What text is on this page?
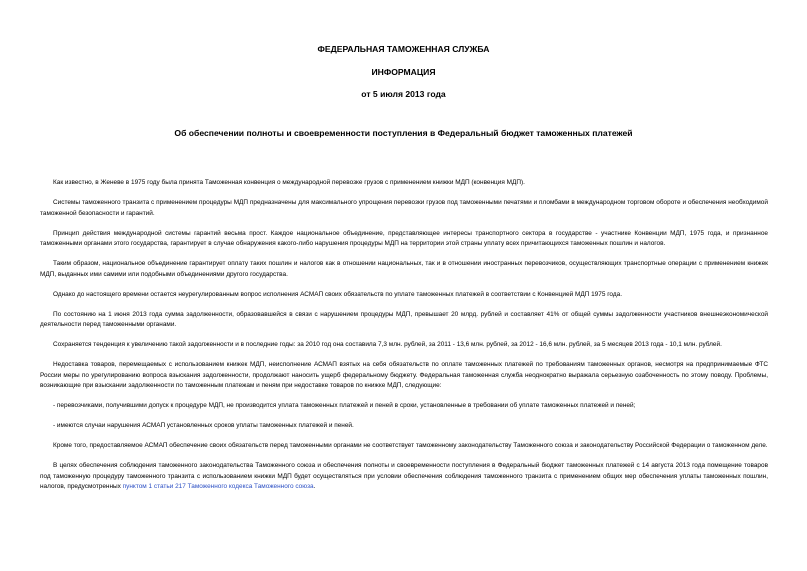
ФЕДЕРАЛЬНАЯ ТАМОЖЕННАЯ СЛУЖБА
ИНФОРМАЦИЯ
от 5 июля 2013 года
Об обеспечении полноты и своевременности поступления в Федеральный бюджет таможенных платежей

Как известно, в Женеве в 1975 году была принята Таможенная конвенция о международной перевозке грузов с применением книжки МДП (конвенция МДП).

Системы таможенного транзита с применением процедуры МДП предназначены для максимального упрощения перевозки грузов под таможенными печатями и пломбами в международном торговом обороте и обеспечения необходимой таможенной безопасности и гарантий.

Принцип действия международной системы гарантий весьма прост. Каждое национальное объединение, представляющее интересы транспортного сектора в государстве - участнике Конвенции МДП, 1975 года, и признанное таможенными органами этого государства, гарантирует в случае обнаружения какого-либо нарушения процедуры МДП на территории этой страны уплату всех причитающихся таможенных пошлин и налогов.

Таким образом, национальное объединение гарантирует оплату таких пошлин и налогов как в отношении национальных, так и в отношении иностранных перевозчиков, осуществляющих транспортные операции с применением книжек МДП, выданных ими самими или подобными объединениями другого государства.

Однако до настоящего времени остается неурегулированным вопрос исполнения АСМАП своих обязательств по уплате таможенных платежей в соответствии с Конвенцией МДП 1975 года.

По состоянию на 1 июня 2013 года сумма задолженности, образовавшейся в связи с нарушением процедуры МДП, превышает 20 млрд. рублей и составляет 41% от общей суммы задолженности участников внешнеэкономической деятельности перед таможенными органами.

Сохраняется тенденция к увеличению такой задолженности и в последние годы: за 2010 год она составила 7,3 млн. рублей, за 2011 - 13,6 млн. рублей, за 2012 - 16,6 млн. рублей, за 5 месяцев 2013 года - 10,1 млн. рублей.

Недоставка товаров, перемещаемых с использованием книжек МДП, неисполнение АСМАП взятых на себя обязательств по оплате таможенных платежей по требованиям таможенных органов, несмотря на предпринимаемые ФТС России меры по урегулированию вопроса взыскания задолженности, продолжают наносить ущерб федеральному бюджету. Федеральная таможенная служба неоднократно выражала серьезную озабоченность по этому поводу. Проблемы, возникающие при взыскании задолженности по таможенным платежам и пеням при недоставке товаров по книжке МДП, следующие:

- перевозчиками, получившими допуск к процедуре МДП, не производится уплата таможенных платежей и пеней в сроки, установленные в требовании об уплате таможенных платежей и пеней;

- имеются случаи нарушения АСМАП установленных сроков уплаты таможенных платежей и пеней.

Кроме того, предоставляемое АСМАП обеспечение своих обязательств перед таможенными органами не соответствует таможенному законодательству Таможенного союза и законодательству Российской Федерации о таможенном деле.

В целях обеспечения соблюдения таможенного законодательства Таможенного союза и обеспечения полноты и своевременности поступления в Федеральный бюджет таможенных платежей с 14 августа 2013 года помещение товаров под таможенную процедуру таможенного транзита с использованием книжки МДП будет осуществляться при условии обеспечения соблюдения таможенного транзита с применением общих мер обеспечения уплаты таможенных пошлин, налогов, предусмотренных пунктом 1 статьи 217 Таможенного кодекса Таможенного союза.
